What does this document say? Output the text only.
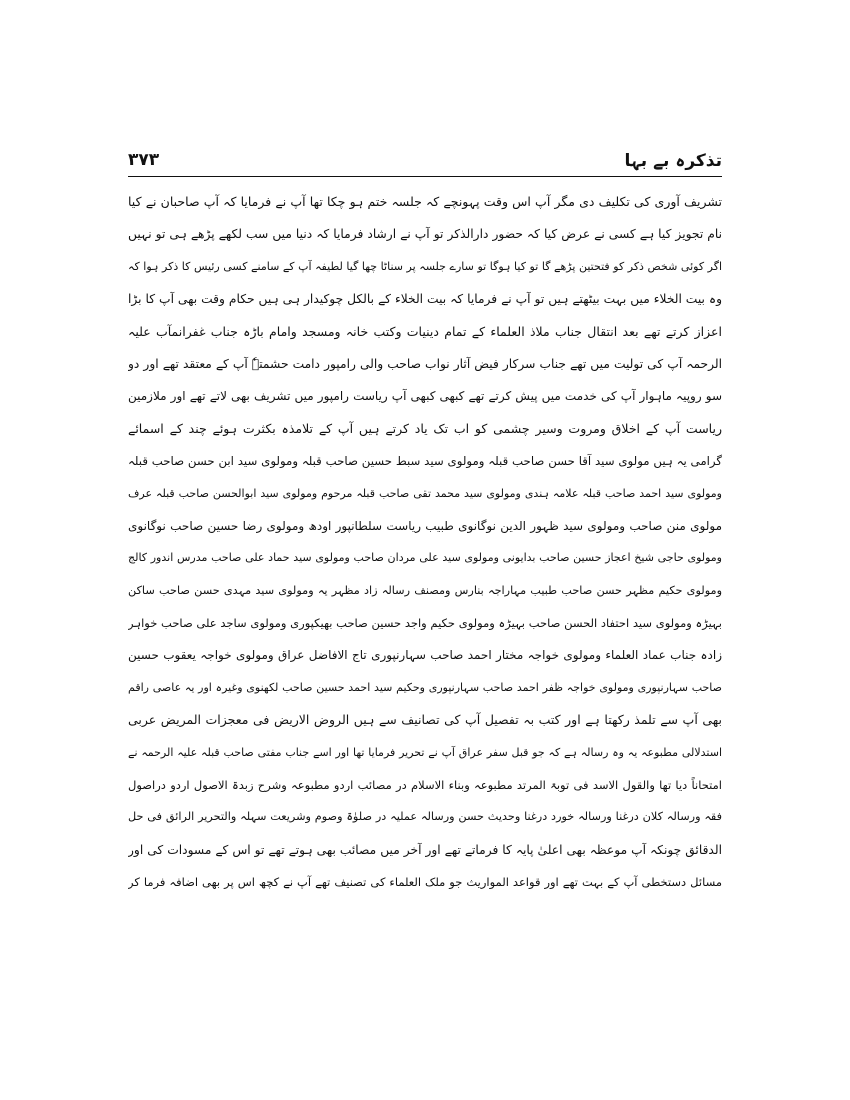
تذکرہ بے بہا
۳۷۳
تشریف آوری کی تکلیف دی مگر آپ اس وقت پہونچے کہ جلسہ ختم ہو چکا تھا آپ نے فرمایا کہ آپ صاحبان نے کیا
نام تجویز کیا ہے کسی نے عرض کیا کہ حضور دارالذکر تو آپ نے ارشاد فرمایا کہ دنیا میں سب لکھے پڑھے ہی تو نہیں
اگر کوئی شخص ذکر کو فتحتین پڑھے گا تو کیا ہوگا تو سارے جلسہ پر سناٹا چھا گیا لطیفہ آپ کے سامنے کسی رئیس کا ذکر ہوا کہ
وہ بیت الخلاء میں بہت بیٹھتے ہیں تو آپ نے فرمایا کہ بیت الخلاء کے بالکل چوکیدار ہی ہیں حکام وقت بھی آپ کا بڑا
اعزاز کرتے تھے بعد انتقال جناب ملاذ العلماء کے تمام دینیات وکتب خانہ ومسجد وامام باڑہ جناب غفرانمآب علیہ
الرحمہ آپ کی تولیت میں تھے جناب سرکار فیض آثار نواب صاحب والی رامپور دامت حشمتہٗ آپ کے معتقد تھے اور دو
سو روپیہ ماہوار آپ کی خدمت میں پیش کرتے تھے کبھی کبھی آپ ریاست رامپور میں تشریف بھی لاتے تھے اور ملازمین
ریاست آپ کے اخلاق ومروت وسیر چشمی کو اب تک یاد کرتے ہیں آپ کے تلامذہ بکثرت ہوئے چند کے اسمائے
گرامی یہ ہیں مولوی سید آقا حسن صاحب قبلہ ومولوی سید سبط حسین صاحب قبلہ ومولوی سید ابن حسن صاحب قبلہ
ومولوی سید احمد صاحب قبلہ علامہ ہندی ومولوی سید محمد تقی صاحب قبلہ مرحوم ومولوی سید ابوالحسن صاحب قبلہ عرف
مولوی منن صاحب ومولوی سید ظہور الدین نوگانوی طبیب ریاست سلطانپور اودھ ومولوی رضا حسین صاحب نوگانوی
ومولوی حاجی شیخ اعجاز حسین صاحب بدایونی ومولوی سید علی مردان صاحب ومولوی سید حماد علی صاحب مدرس اندور کالج
ومولوی حکیم مظہر حسن صاحب طبیب مہاراجہ بنارس ومصنف رسالہ زاد مظہر یہ ومولوی سید مہدی حسن صاحب ساکن
بہیڑہ ومولوی سید احتفاد الحسن صاحب بہیڑہ ومولوی حکیم واجد حسین صاحب بھیکپوری ومولوی ساجد علی صاحب خواہر
زادہ جناب عماد العلماء ومولوی خواجہ مختار احمد صاحب سہارنپوری تاج الافاضل عراق ومولوی خواجہ یعقوب حسین
صاحب سہارنپوری ومولوی خواجہ ظفر احمد صاحب سہارنپوری وحکیم سید احمد حسین صاحب لکھنوی وغیرہ اور یہ عاصی راقم
بھی آپ سے تلمذ رکھتا ہے اور کتب بہ تفصیل آپ کی تصانیف سے ہیں الروض الاریض فی معجزات المریض عربی
استدلالی مطبوعہ یہ وہ رسالہ ہے کہ جو قبل سفر عراق آپ نے تحریر فرمایا تھا اور اسے جناب مفتی صاحب قبلہ علیہ الرحمہ نے
امتحاناً دیا تھا والقول الاسد فی توبۃ المرتد مطبوعہ وبناء الاسلام در مصائب اردو مطبوعہ وشرح زبدۃ الاصول اردو دراصول
فقہ ورسالہ کلان درغنا ورسالہ خورد درغنا وحدیث حسن ورسالہ عملیہ در صلوٰۃ وصوم وشریعت سہلہ والتحریر الرائق فی حل
الدقائق چونکہ آپ موعظہ بھی اعلیٰ پایہ کا فرماتے تھے اور آخر میں مصائب بھی ہوتے تھے تو اس کے مسودات کی اور
مسائل دستخطی آپ کے بہت تھے اور قواعد المواریث جو ملک العلماء کی تصنیف تھے آپ نے کچھ اس پر بھی اضافہ فرما کر
